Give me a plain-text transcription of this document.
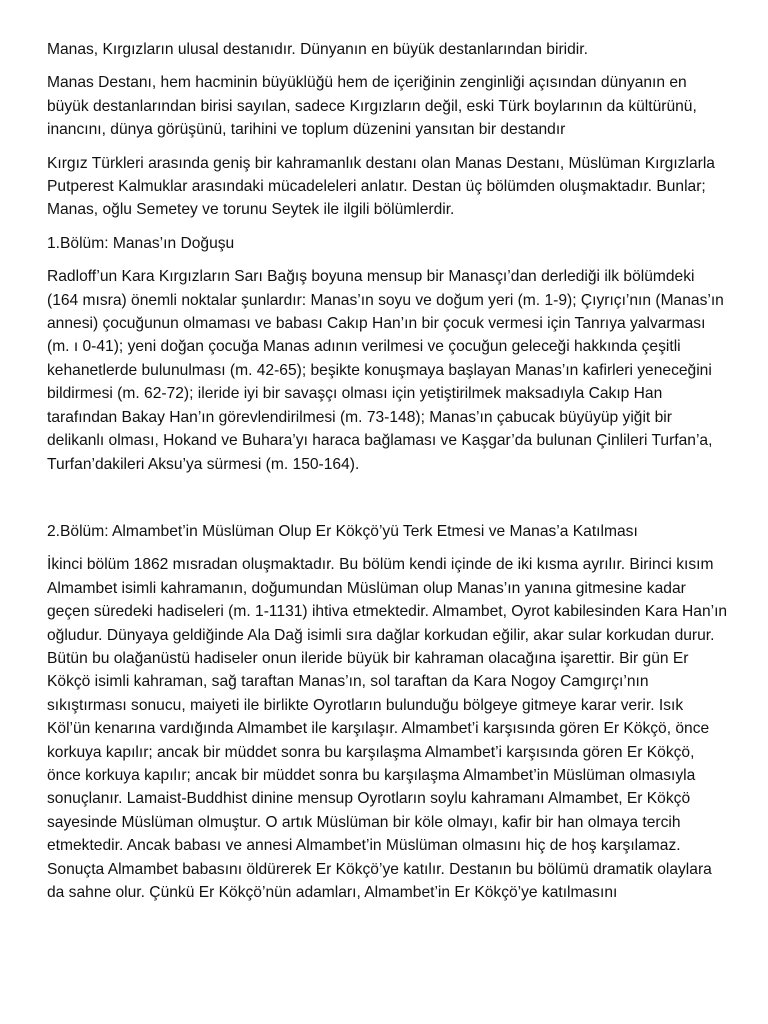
Manas, Kırgızların ulusal destanıdır. Dünyanın en büyük destanlarından biridir.

Manas Destanı, hem hacminin büyüklüğü hem de içeriğinin zenginliği açısından dünyanın en büyük destanlarından birisi sayılan, sadece Kırgızların değil, eski Türk boylarının da kültürünü, inancını, dünya görüşünü, tarihini ve toplum düzenini yansıtan bir destandır

Kırgız Türkleri arasında geniş bir kahramanlık destanı olan Manas Destanı, Müslüman Kırgızlarla Putperest Kalmuklar arasındaki mücadeleleri anlatır. Destan üç bölümden oluşmaktadır. Bunlar; Manas, oğlu Semetey ve torunu Seytek ile ilgili bölümlerdir.

1.Bölüm: Manas’ın Doğuşu

Radloff’un Kara Kırgızların Sarı Bağış boyuna mensup bir Manasçı’dan derlediği ilk bölümdeki (164 mısra) önemli noktalar şunlardır: Manas’ın soyu ve doğum yeri (m. 1-9); Çıyrıçı’nın (Manas’ın annesi) çocuğunun olmaması ve babası Cakıp Han’ın bir çocuk vermesi için Tanrıya yalvarması (m. ı 0-41); yeni doğan çocuğa Manas adının verilmesi ve çocuğun geleceği hakkında çeşitli kehanetlerde bulunulması (m. 42-65); beşikte konuşmaya başlayan Manas’ın kafirleri yeneceğini bildirmesi (m. 62-72); ileride iyi bir savaşçı olması için yetiştirilmek maksadıyla Cakıp Han tarafından Bakay Han’ın görevlendirilmesi (m. 73-148); Manas’ın çabucak büyüyüp yiğit bir delikanlı olması, Hokand ve Buhara’yı haraca bağlaması ve Kaşgar’da bulunan Çinlileri Turfan’a, Turfan’dakileri Aksu’ya sürmesi (m. 150-164).

2.Bölüm: Almambet’in Müslüman Olup Er Kökçö’yü Terk Etmesi ve Manas’a Katılması

İkinci bölüm 1862 mısradan oluşmaktadır. Bu bölüm kendi içinde de iki kısma ayrılır. Birinci kısım Almambet isimli kahramanın, doğumundan Müslüman olup Manas’ın yanına gitmesine kadar geçen süredeki hadiseleri (m. 1-1131) ihtiva etmektedir. Almambet, Oyrot kabilesinden Kara Han’ın oğludur. Dünyaya geldiğinde Ala Dağ isimli sıra dağlar korkudan eğilir, akar sular korkudan durur. Bütün bu olağanüstü hadiseler onun ileride büyük bir kahraman olacağına işarettir. Bir gün Er Kökçö isimli kahraman, sağ taraftan Manas’ın, sol taraftan da Kara Nogoy Camgırçı’nın sıkıştırması sonucu, maiyeti ile birlikte Oyrotların bulunduğu bölgeye gitmeye karar verir. Isık Köl’ün kenarına vardığında Almambet ile karşılaşır. Almambet’i karşısında gören Er Kökçö, önce korkuya kapılır; ancak bir müddet sonra bu karşılaşma Almambet’i karşısında gören Er Kökçö, önce korkuya kapılır; ancak bir müddet sonra bu karşılaşma Almambet’in Müslüman olmasıyla sonuçlanır. Lamaist-Buddhist dinine mensup Oyrotların soylu kahramanı Almambet, Er Kökçö sayesinde Müslüman olmuştur. O artık Müslüman bir köle olmayı, kafir bir han olmaya tercih etmektedir. Ancak babası ve annesi Almambet’in Müslüman olmasını hiç de hoş karşılamaz. Sonuçta Almambet babasını öldürerek Er Kökçö’ye katılır. Destanın bu bölümü dramatik olaylara da sahne olur. Çünkü Er Kökçö’nün adamları, Almambet’in Er Kökçö’ye katılmasını
